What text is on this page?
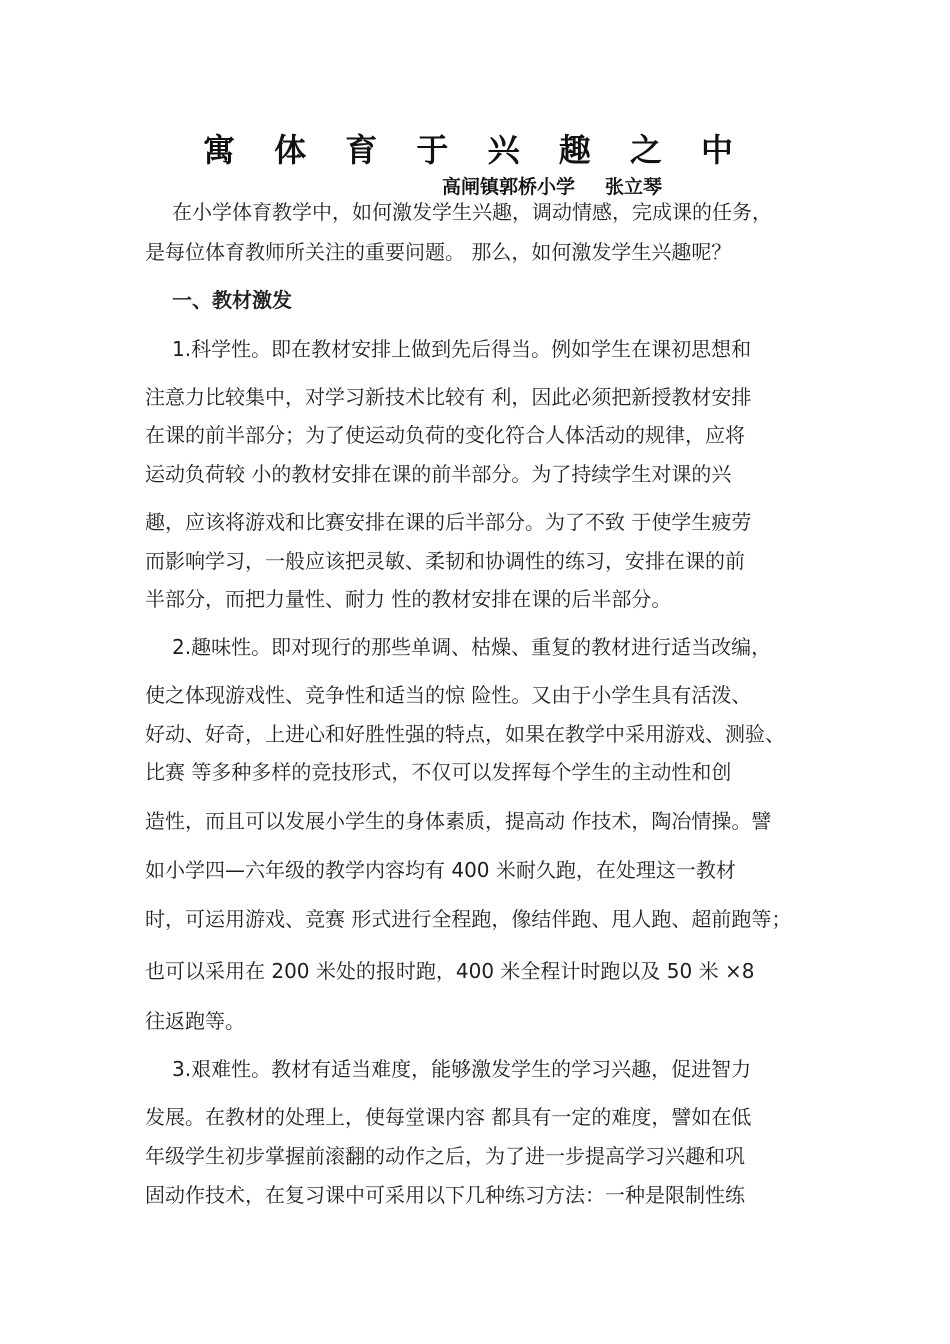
寓 体 育 于 兴 趣 之 中
高闸镇郭桥小学 张立琴
在小学体育教学中，如何激发学生兴趣，调动情感，完成课的任务，
是每位体育教师所关注的重要问题。 那么，如何激发学生兴趣呢？
一、教材激发
1.科学性。即在教材安排上做到先后得当。例如学生在课初思想和
注意力比较集中，对学习新技术比较有 利，因此必须把新授教材安排
在课的前半部分；为了使运动负荷的变化符合人体活动的规律，应将
运动负荷较 小的教材安排在课的前半部分。为了持续学生对课的兴
趣，应该将游戏和比赛安排在课的后半部分。为了不致 于使学生疲劳
而影响学习，一般应该把灵敏、柔韧和协调性的练习，安排在课的前
半部分，而把力量性、耐力 性的教材安排在课的后半部分。
2.趣味性。即对现行的那些单调、枯燥、重复的教材进行适当改编，
使之体现游戏性、竞争性和适当的惊 险性。又由于小学生具有活泼、
好动、好奇，上进心和好胜性强的特点，如果在教学中采用游戏、测验、
比赛 等多种多样的竞技形式，不仅可以发挥每个学生的主动性和创
造性，而且可以发展小学生的身体素质，提高动 作技术，陶冶情操。譬
如小学四—六年级的教学内容均有 400 米耐久跑，在处理这一教材
时，可运用游戏、竞赛 形式进行全程跑，像结伴跑、甩人跑、超前跑等；
也可以采用在 200 米处的报时跑，400 米全程计时跑以及 50 米 ×8
往返跑等。
3.艰难性。教材有适当难度，能够激发学生的学习兴趣，促进智力
发展。在教材的处理上，使每堂课内容 都具有一定的难度，譬如在低
年级学生初步掌握前滚翻的动作之后，为了进一步提高学习兴趣和巩
固动作技术，在复习课中可采用以下几种练习方法：一种是限制性练
